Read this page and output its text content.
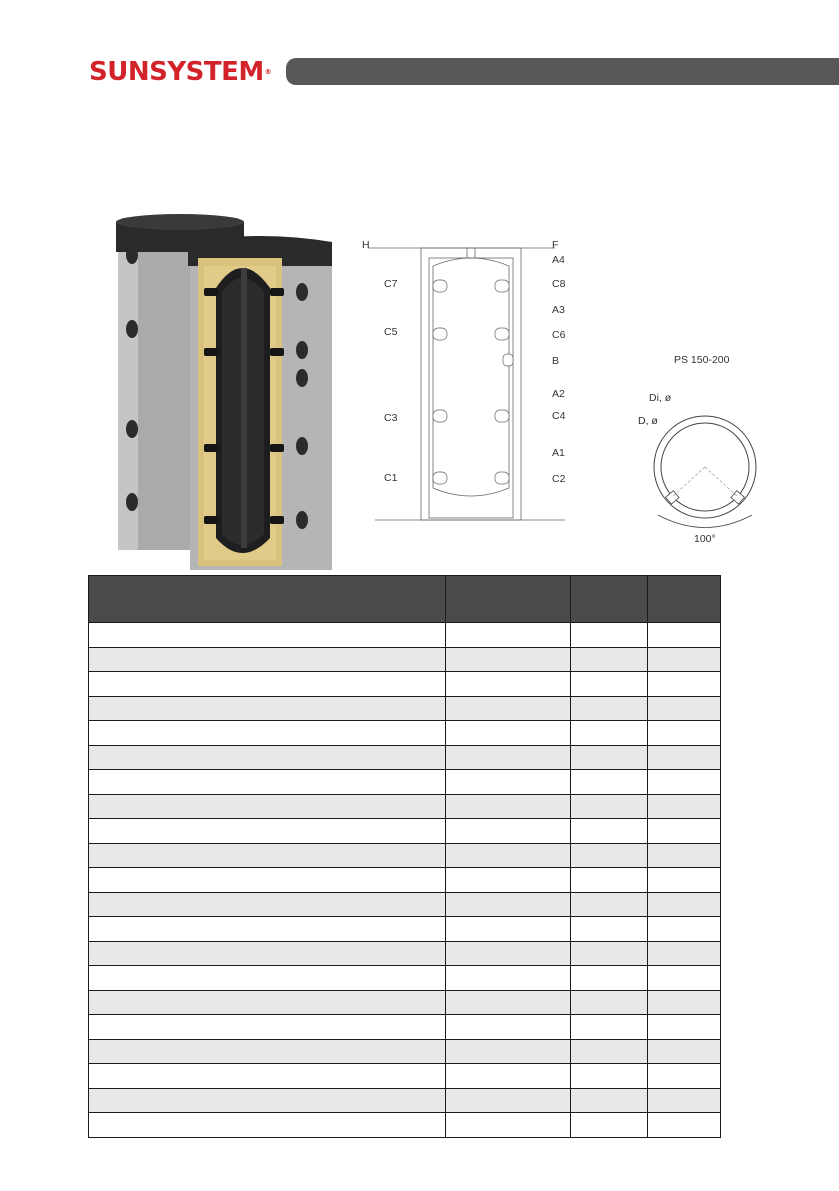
SUNSYSTEM®
H
C7
C5
C3
C1
F
A4
C8
A3
C6
B
A2
C4
A1
C2
PS 150-200
Di, ø
D, ø
100°
